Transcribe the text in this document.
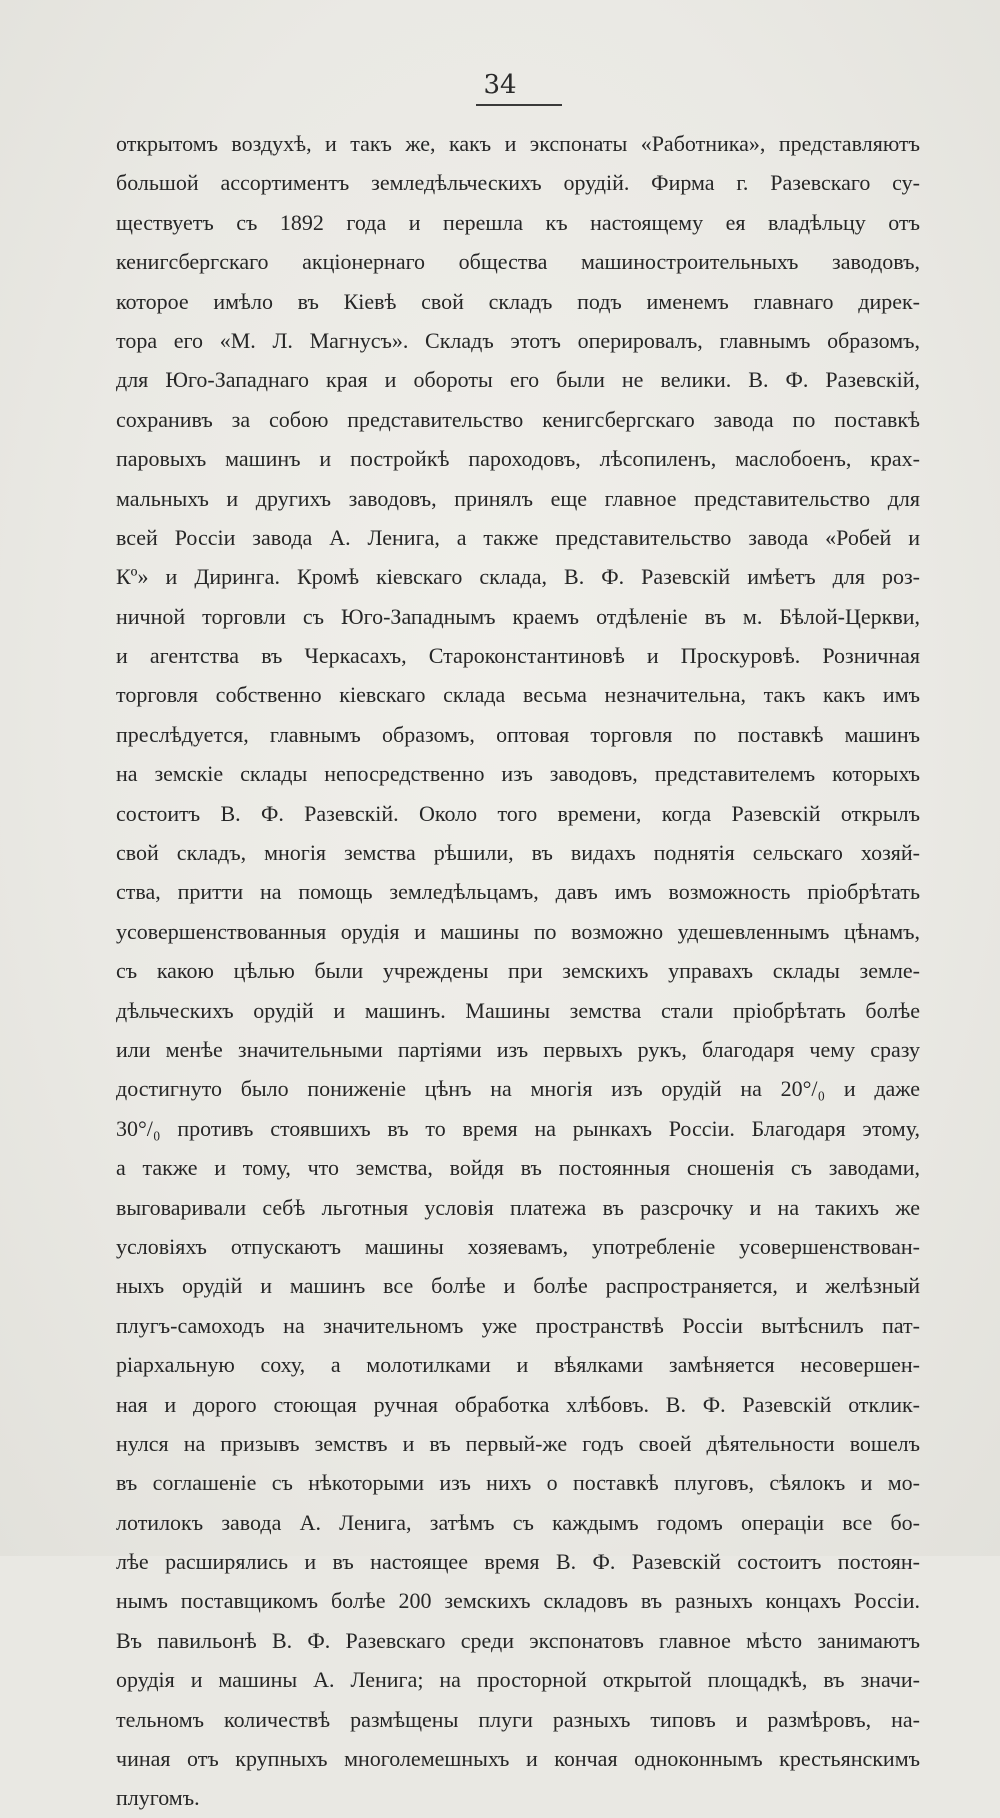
34
открытомъ воздухѣ, и такъ же, какъ и экспонаты «Работника», представляютъ
большой ассортиментъ земледѣльческихъ орудій. Фирма г. Разевскаго су-
ществуетъ съ 1892 года и перешла къ настоящему ея владѣльцу отъ
кенигсбергскаго акціонернаго общества машиностроительныхъ заводовъ,
которое имѣло въ Кіевѣ свой складъ подъ именемъ главнаго дирек-
тора его «М. Л. Магнусъ». Складъ этотъ оперировалъ, главнымъ образомъ,
для Юго-Западнаго края и обороты его были не велики. В. Ф. Разевскій,
сохранивъ за собою представительство кенигсбергскаго завода по поставкѣ
паровыхъ машинъ и постройкѣ пароходовъ, лѣсопиленъ, маслобоенъ, крах-
мальныхъ и другихъ заводовъ, принялъ еще главное представительство для
всей Россіи завода А. Ленига, а также представительство завода «Робей и
Кº» и Диринга. Кромѣ кіевскаго склада, В. Ф. Разевскій имѣетъ для роз-
ничной торговли съ Юго-Западнымъ краемъ отдѣленіе въ м. Бѣлой-Церкви,
и агентства въ Черкасахъ, Староконстантиновѣ и Проскуровѣ. Розничная
торговля собственно кіевскаго склада весьма незначительна, такъ какъ имъ
преслѣдуется, главнымъ образомъ, оптовая торговля по поставкѣ машинъ
на земскіе склады непосредственно изъ заводовъ, представителемъ которыхъ
состоитъ В. Ф. Разевскій. Около того времени, когда Разевскій открылъ
свой складъ, многія земства рѣшили, въ видахъ поднятія сельскаго хозяй-
ства, притти на помощь земледѣльцамъ, давъ имъ возможность пріобрѣтать
усовершенствованныя орудія и машины по возможно удешевленнымъ цѣнамъ,
съ какою цѣлью были учреждены при земскихъ управахъ склады земле-
дѣльческихъ орудій и машинъ. Машины земства стали пріобрѣтать болѣе
или менѣе значительными партіями изъ первыхъ рукъ, благодаря чему сразу
достигнуто было пониженіе цѣнъ на многія изъ орудій на 20°/₀ и даже
30°/₀ противъ стоявшихъ въ то время на рынкахъ Россіи. Благодаря этому,
а также и тому, что земства, войдя въ постоянныя сношенія съ заводами,
выговаривали себѣ льготныя условія платежа въ разсрочку и на такихъ же
условіяхъ отпускаютъ машины хозяевамъ, употребленіе усовершенствован-
ныхъ орудій и машинъ все болѣе и болѣе распространяется, и желѣзный
плугъ-самоходъ на значительномъ уже пространствѣ Россіи вытѣснилъ пат-
ріархальную соху, а молотилками и вѣялками замѣняется несовершен-
ная и дорого стоющая ручная обработка хлѣбовъ. В. Ф. Разевскій отклик-
нулся на призывъ земствъ и въ первый-же годъ своей дѣятельности вошелъ
въ соглашеніе съ нѣкоторыми изъ нихъ о поставкѣ плуговъ, сѣялокъ и мо-
лотилокъ завода А. Ленига, затѣмъ съ каждымъ годомъ операціи все бо-
лѣе расширялись и въ настоящее время В. Ф. Разевскій состоитъ постоян-
нымъ поставщикомъ болѣе 200 земскихъ складовъ въ разныхъ концахъ Россіи.
Въ павильонѣ В. Ф. Разевскаго среди экспонатовъ главное мѣсто занимаютъ
орудія и машины А. Ленига; на просторной открытой площадкѣ, въ значи-
тельномъ количествѣ размѣщены плуги разныхъ типовъ и размѣровъ, на-
чиная отъ крупныхъ многолемешныхъ и кончая одноконнымъ крестьянскимъ
плугомъ.
